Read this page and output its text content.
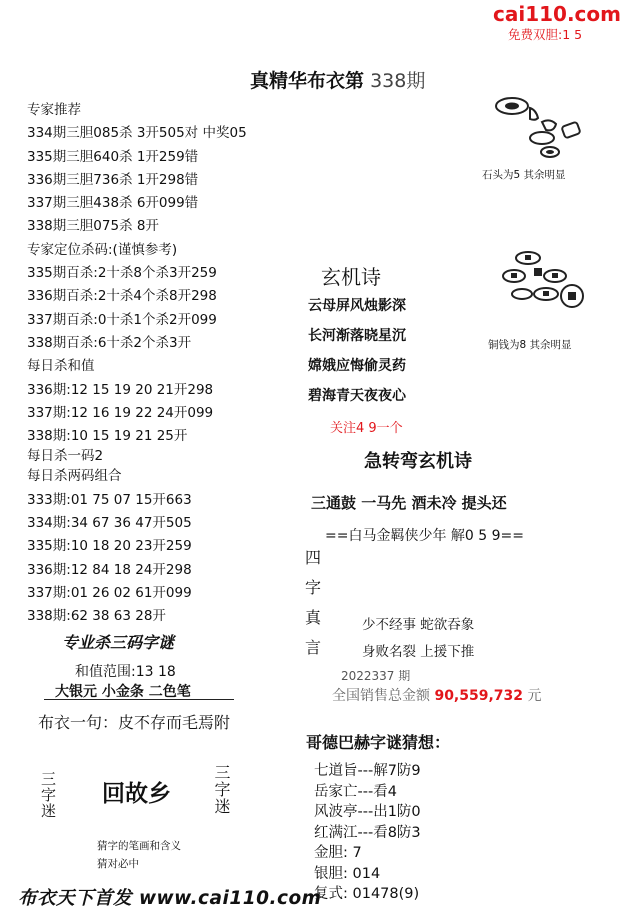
cai110.com
免费双胆:1 5
真精华布衣第 338期
专家推荐
334期三胆085杀 3开505对 中奖05
335期三胆640杀 1开259错
336期三胆736杀 1开298错
337期三胆438杀 6开099错
338期三胆075杀 8开
专家定位杀码:(谨慎参考)
335期百杀:2十杀8个杀3开259
336期百杀:2十杀4个杀8开298
337期百杀:0十杀1个杀2开099
338期百杀:6十杀2个杀3开
每日杀和值
336期:12 15 19 20 21开298
337期:12 16 19 22 24开099
338期:10 15 19 21 25开
每日杀一码2
每日杀两码组合
333期:01 75 07 15开663
334期:34 67 36 47开505
335期:10 18 20 23开259
336期:12 84 18 24开298
337期:01 26 02 61开099
338期:62 38 63 28开
专业杀三码字谜
和值范围:13 18
大银元 小金条 二色笔
布衣一句：皮不存而毛焉附
三字迷 回故乡	三字迷
猜字的笔画和含义
猜对必中
布衣天下首发 www.cai110.com
石头为5 其余明显
铜钱为8 其余明显
玄机诗
云母屏风烛影深
长河渐落晓星沉
嫦娥应悔偷灵药
碧海青天夜夜心
关注4 9一个
急转弯玄机诗
三通鼓 一马先 酒未冷 提头还
==白马金羁侠少年 解0 5 9==
四
字
真
言
少不经事 蛇欲吞象
身败名裂 上援下推
2022337 期
全国销售总金额 90,559,732 元
哥德巴赫字谜猜想：
七道旨---解7防9
岳家亡---看4
风波亭---出1防0
红满江---看8防3
金胆: 7
银胆: 014
复式: 01478(9)
